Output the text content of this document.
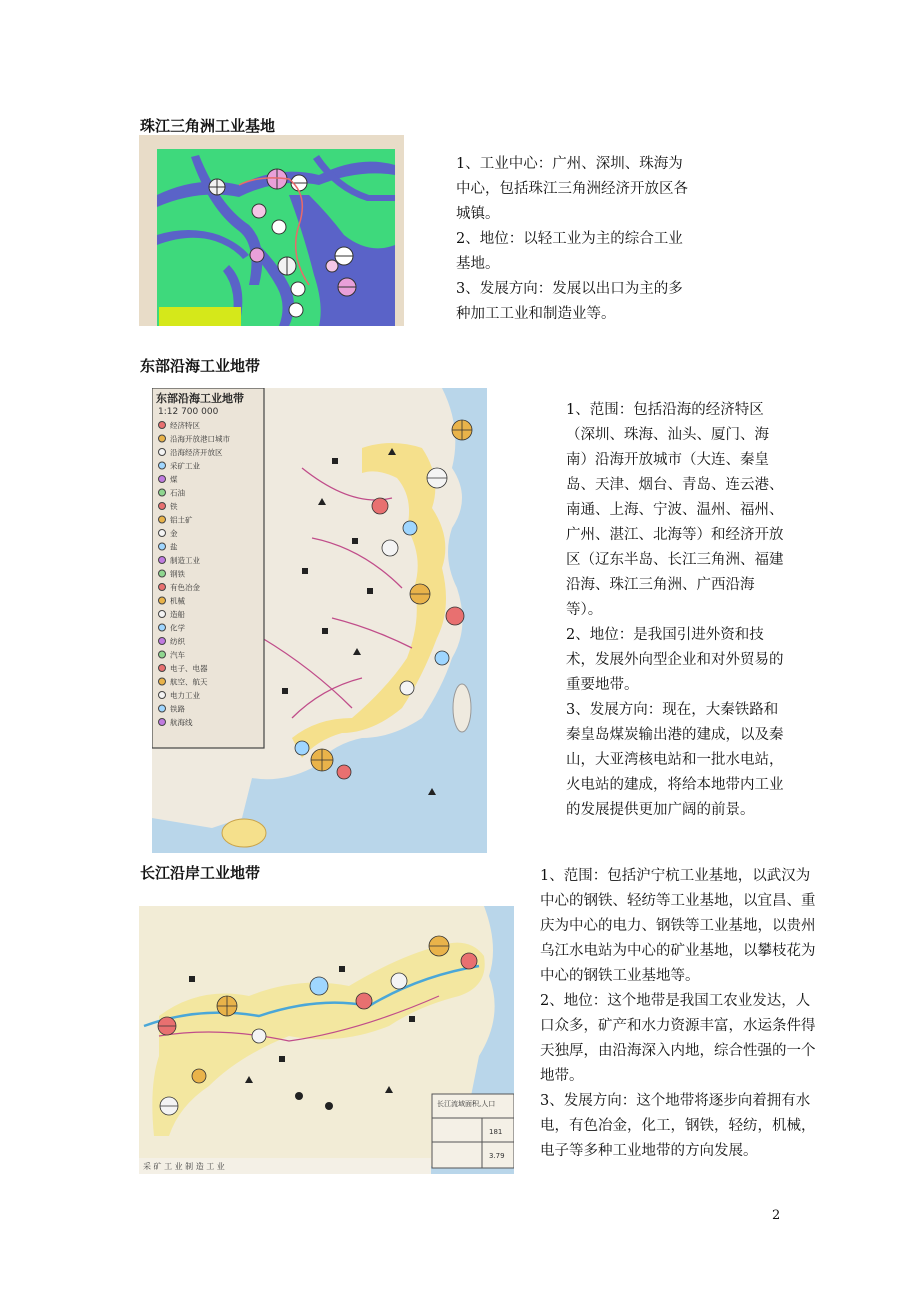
珠江三角洲工业基地

1、工业中心：广州、深圳、珠海为中心，包括珠江三角洲经济开放区各城镇。

2、地位：以轻工业为主的综合工业基地。

3、发展方向：发展以出口为主的多种加工工业和制造业等。

东部沿海工业地带
东部沿海工业地带
1:12 700 000
经济特区
沿海开放港口城市
沿海经济开放区
采矿工业
煤
石油
铁
铝土矿
金
盐
制造工业
钢铁
有色冶金
机械
造船
化学
纺织
汽车
电子、电器
航空、航天
电力工业
铁路
航海线

1、范围：包括沿海的经济特区（深圳、珠海、汕头、厦门、海南）沿海开放城市（大连、秦皇岛、天津、烟台、青岛、连云港、南通、上海、宁波、温州、福州、广州、湛江、北海等）和经济开放区（辽东半岛、长江三角洲、福建沿海、珠江三角洲、广西沿海等）。

2、地位：是我国引进外资和技术，发展外向型企业和对外贸易的重要地带。

3、发展方向：现在，大秦铁路和秦皇岛煤炭输出港的建成，以及秦山，大亚湾核电站和一批水电站，火电站的建成，将给本地带内工业的发展提供更加广阔的前景。

长江沿岸工业地带
长江流域面积,人口
181
3.79
采 矿 工 业 制 造 工 业

1、范围：包括沪宁杭工业基地，以武汉为中心的钢铁、轻纺等工业基地，以宜昌、重庆为中心的电力、钢铁等工业基地，以贵州乌江水电站为中心的矿业基地，以攀枝花为中心的钢铁工业基地等。

2、地位：这个地带是我国工农业发达，人口众多，矿产和水力资源丰富，水运条件得天独厚，由沿海深入内地，综合性强的一个地带。

3、发展方向：这个地带将逐步向着拥有水电，有色冶金，化工，钢铁，轻纺，机械，电子等多种工业地带的方向发展。

2
